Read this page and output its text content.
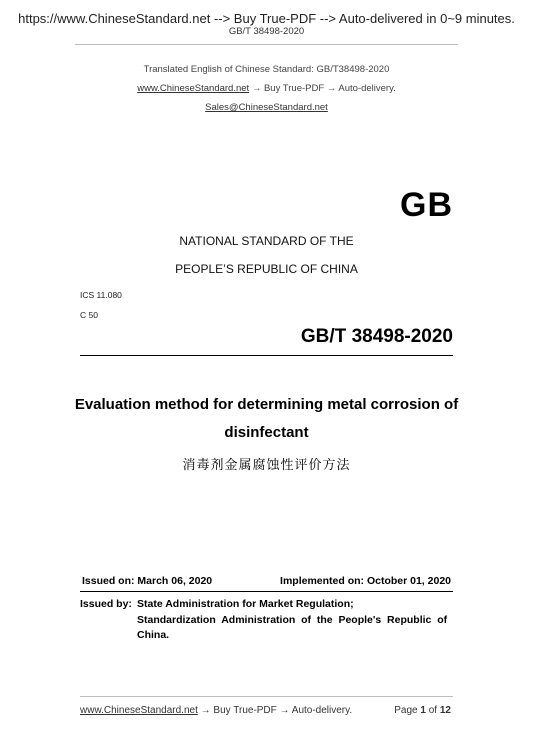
https://www.ChineseStandard.net --> Buy True-PDF --> Auto-delivered in 0~9 minutes.
GB/T 38498-2020
Translated English of Chinese Standard: GB/T38498-2020
www.ChineseStandard.net → Buy True-PDF → Auto-delivery.
Sales@ChineseStandard.net
GB
NATIONAL STANDARD OF THE
PEOPLE’S REPUBLIC OF CHINA
ICS 11.080
C 50
GB/T 38498-2020
Evaluation method for determining metal corrosion of
disinfectant
消毒剂金属腐蚀性评价方法
Issued on: March 06, 2020	Implemented on: October 01, 2020
Issued by: State Administration for Market Regulation;
Standardization  Administration  of  the  People's  Republic  of
China.
www.ChineseStandard.net → Buy True-PDF → Auto-delivery.	Page 1 of 12
